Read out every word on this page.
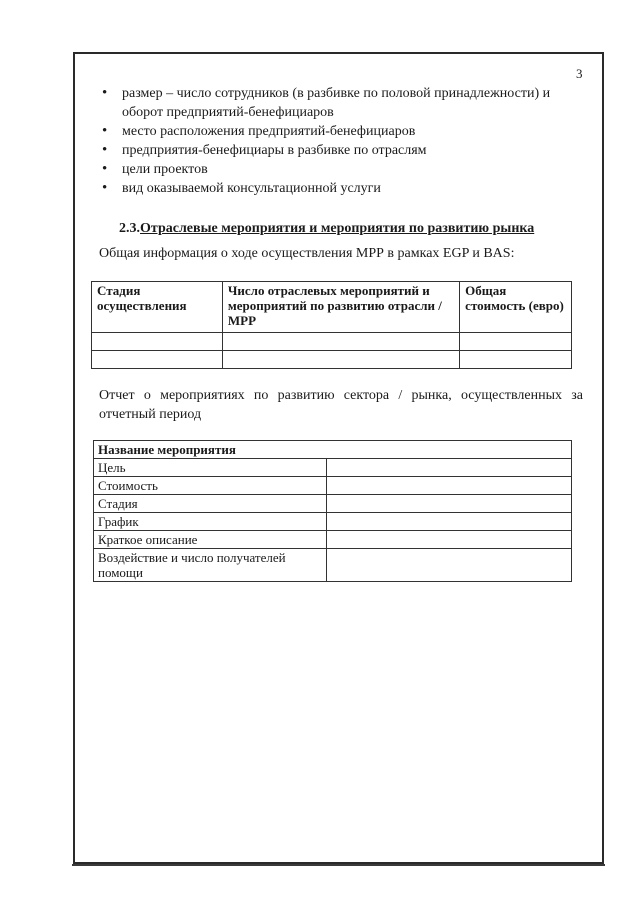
3
• размер – число сотрудников (в разбивке по половой принадлежности) и оборот предприятий-бенефициаров
• место расположения предприятий-бенефициаров
• предприятия-бенефициары в разбивке по отраслям
• цели проектов
• вид оказываемой консультационной услуги
2.3.Отраслевые мероприятия и мероприятия по развитию рынка
Общая информация о ходе осуществления МРР в рамках EGP и BAS:
Стадия осуществления	Число отраслевых мероприятий и мероприятий по развитию отрасли / МРР	Общая стоимость (евро)

Отчет о мероприятиях по развитию сектора / рынка, осуществленных за отчетный период
Название мероприятия	
Цель	
Стоимость	
Стадия	
График	
Краткое описание	
Воздействие и число получателей помощи	
